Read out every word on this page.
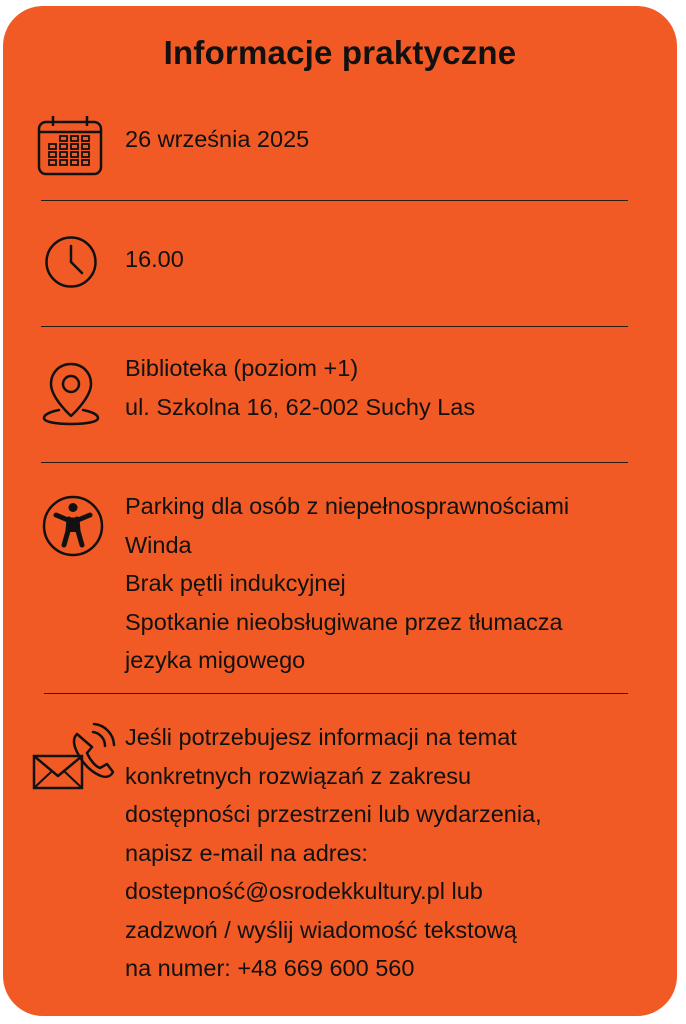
Informacje praktyczne
26 września 2025
16.00
Biblioteka (poziom +1)
ul. Szkolna 16, 62-002 Suchy Las
Parking dla osób z niepełnosprawnościami
Winda
Brak pętli indukcyjnej
Spotkanie nieobsługiwane przez tłumacza
jezyka migowego
Jeśli potrzebujesz informacji na temat
konkretnych rozwiązań z zakresu
dostępności przestrzeni lub wydarzenia,
napisz e-mail na adres:
dostepność@osrodekkultury.pl lub
zadzwoń / wyślij wiadomość tekstową
na numer: +48 669 600 560
